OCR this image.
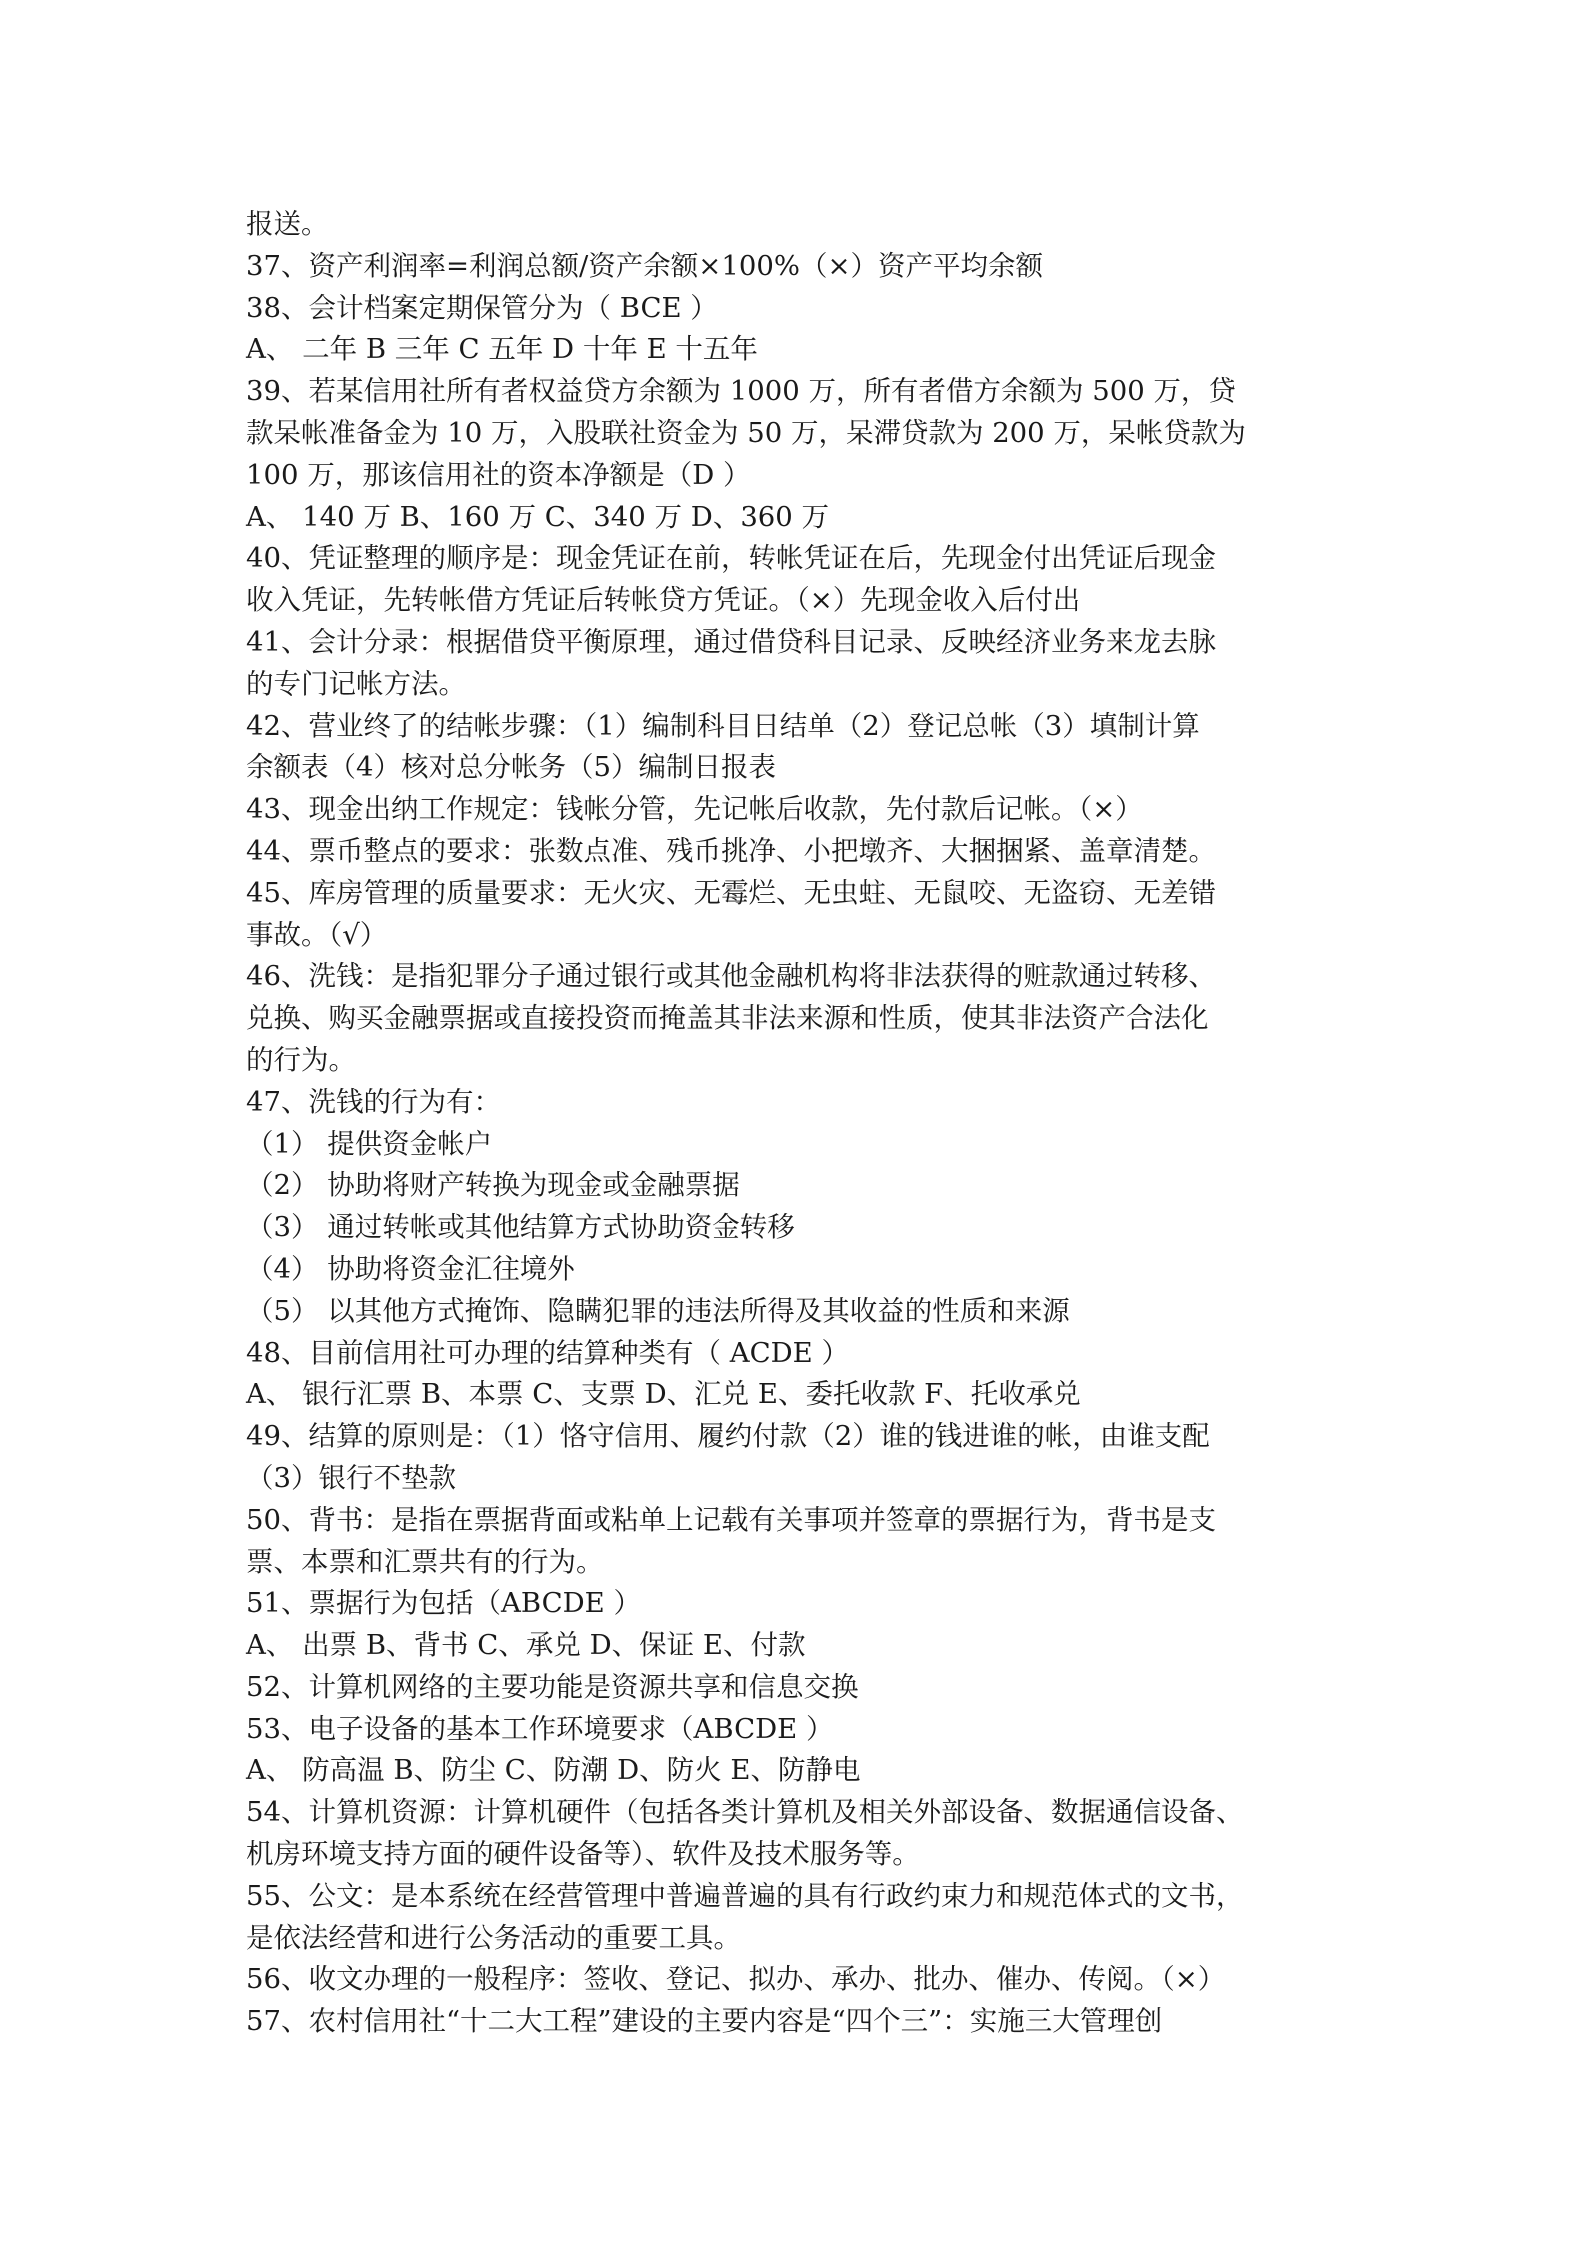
报送。
37、资产利润率=利润总额/资产余额×100%（×）资产平均余额
38、会计档案定期保管分为（ BCE ）
A、 二年 B 三年 C 五年 D 十年 E 十五年
39、若某信用社所有者权益贷方余额为 1000 万，所有者借方余额为 500 万，贷
款呆帐准备金为 10 万，入股联社资金为 50 万，呆滞贷款为 200 万，呆帐贷款为
100 万，那该信用社的资本净额是（D ）
A、 140 万 B、160 万 C、340 万 D、360 万
40、凭证整理的顺序是：现金凭证在前，转帐凭证在后，先现金付出凭证后现金
收入凭证，先转帐借方凭证后转帐贷方凭证。（×）先现金收入后付出
41、会计分录：根据借贷平衡原理，通过借贷科目记录、反映经济业务来龙去脉
的专门记帐方法。
42、营业终了的结帐步骤：（1）编制科目日结单（2）登记总帐（3）填制计算
余额表（4）核对总分帐务（5）编制日报表
43、现金出纳工作规定：钱帐分管，先记帐后收款，先付款后记帐。（×）
44、票币整点的要求：张数点准、残币挑净、小把墩齐、大捆捆紧、盖章清楚。
45、库房管理的质量要求：无火灾、无霉烂、无虫蛀、无鼠咬、无盗窃、无差错
事故。（√）
46、洗钱：是指犯罪分子通过银行或其他金融机构将非法获得的赃款通过转移、
兑换、购买金融票据或直接投资而掩盖其非法来源和性质，使其非法资产合法化
的行为。
47、洗钱的行为有：
（1） 提供资金帐户
（2） 协助将财产转换为现金或金融票据
（3） 通过转帐或其他结算方式协助资金转移
（4） 协助将资金汇往境外
（5） 以其他方式掩饰、隐瞒犯罪的违法所得及其收益的性质和来源
48、目前信用社可办理的结算种类有（ ACDE ）
A、 银行汇票 B、本票 C、支票 D、汇兑 E、委托收款 F、托收承兑
49、结算的原则是：（1）恪守信用、履约付款（2）谁的钱进谁的帐，由谁支配
（3）银行不垫款
50、背书：是指在票据背面或粘单上记载有关事项并签章的票据行为，背书是支
票、本票和汇票共有的行为。
51、票据行为包括（ABCDE ）
A、 出票 B、背书 C、承兑 D、保证 E、付款
52、计算机网络的主要功能是资源共享和信息交换
53、电子设备的基本工作环境要求（ABCDE ）
A、 防高温 B、防尘 C、防潮 D、防火 E、防静电
54、计算机资源：计算机硬件（包括各类计算机及相关外部设备、数据通信设备、
机房环境支持方面的硬件设备等）、软件及技术服务等。
55、公文：是本系统在经营管理中普遍普遍的具有行政约束力和规范体式的文书，
是依法经营和进行公务活动的重要工具。
56、收文办理的一般程序：签收、登记、拟办、承办、批办、催办、传阅。（×）
57、农村信用社“十二大工程”建设的主要内容是“四个三”：实施三大管理创
